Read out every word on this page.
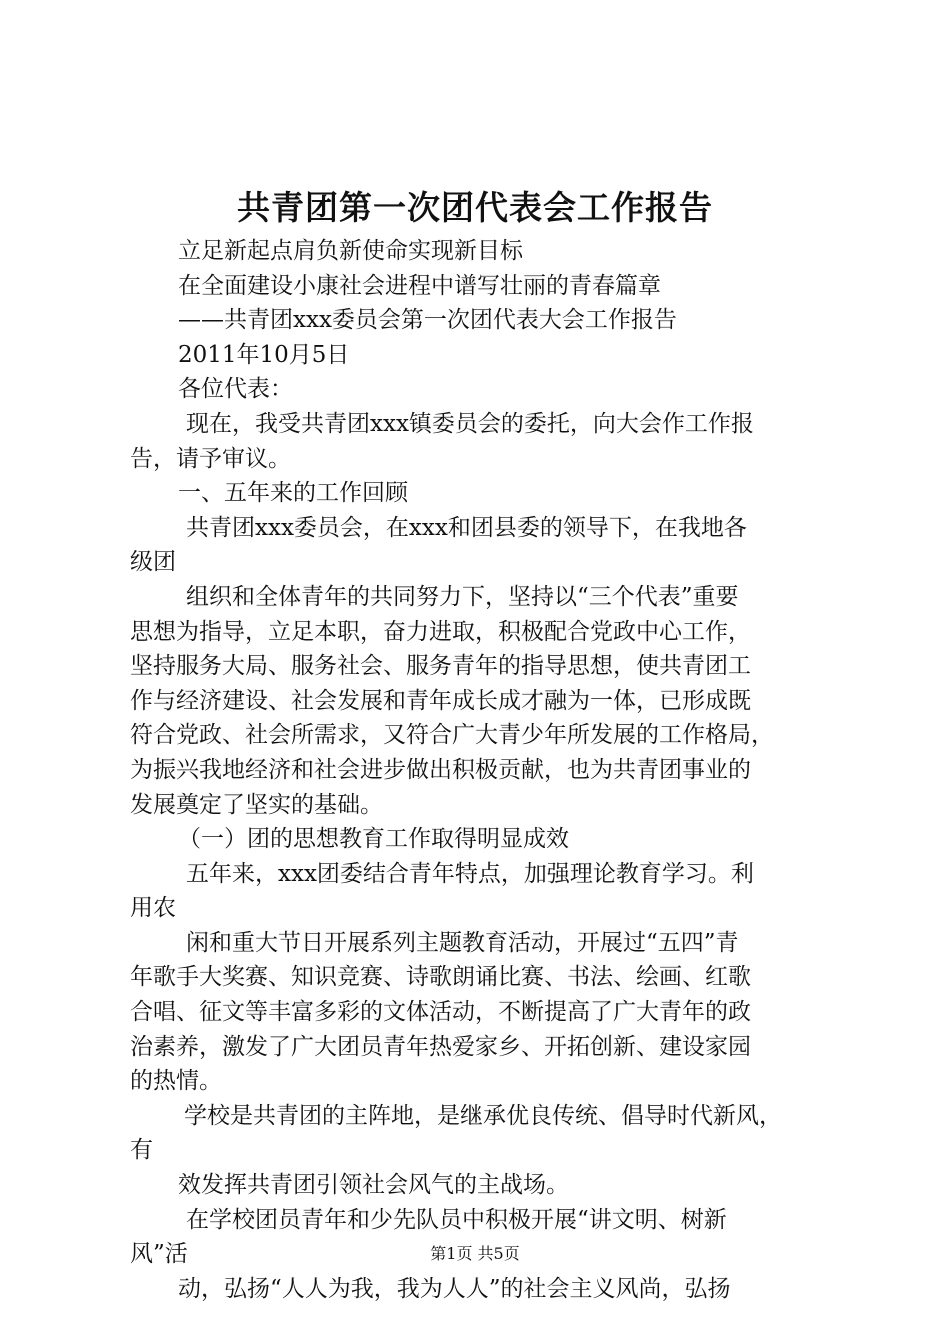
共青团第一次团代表会工作报告
立足新起点肩负新使命实现新目标
在全面建设小康社会进程中谱写壮丽的青春篇章
——共青团xxx委员会第一次团代表大会工作报告
2011年10月5日
各位代表：
现在，我受共青团xxx镇委员会的委托，向大会作工作报
告，请予审议。
一、五年来的工作回顾
共青团xxx委员会，在xxx和团县委的领导下，在我地各
级团
组织和全体青年的共同努力下，坚持以“三个代表”重要
思想为指导，立足本职，奋力进取，积极配合党政中心工作，
坚持服务大局、服务社会、服务青年的指导思想，使共青团工
作与经济建设、社会发展和青年成长成才融为一体，已形成既
符合党政、社会所需求，又符合广大青少年所发展的工作格局，
为振兴我地经济和社会进步做出积极贡献，也为共青团事业的
发展奠定了坚实的基础。
（一）团的思想教育工作取得明显成效
五年来，xxx团委结合青年特点，加强理论教育学习。利
用农
闲和重大节日开展系列主题教育活动，开展过“五四”青
年歌手大奖赛、知识竞赛、诗歌朗诵比赛、书法、绘画、红歌
合唱、征文等丰富多彩的文体活动，不断提高了广大青年的政
治素养，激发了广大团员青年热爱家乡、开拓创新、建设家园
的热情。
学校是共青团的主阵地，是继承优良传统、倡导时代新风，
有
效发挥共青团引领社会风气的主战场。
在学校团员青年和少先队员中积极开展“讲文明、树新
风”活
动，弘扬“人人为我，我为人人”的社会主义风尚，弘扬
第1页 共5页
